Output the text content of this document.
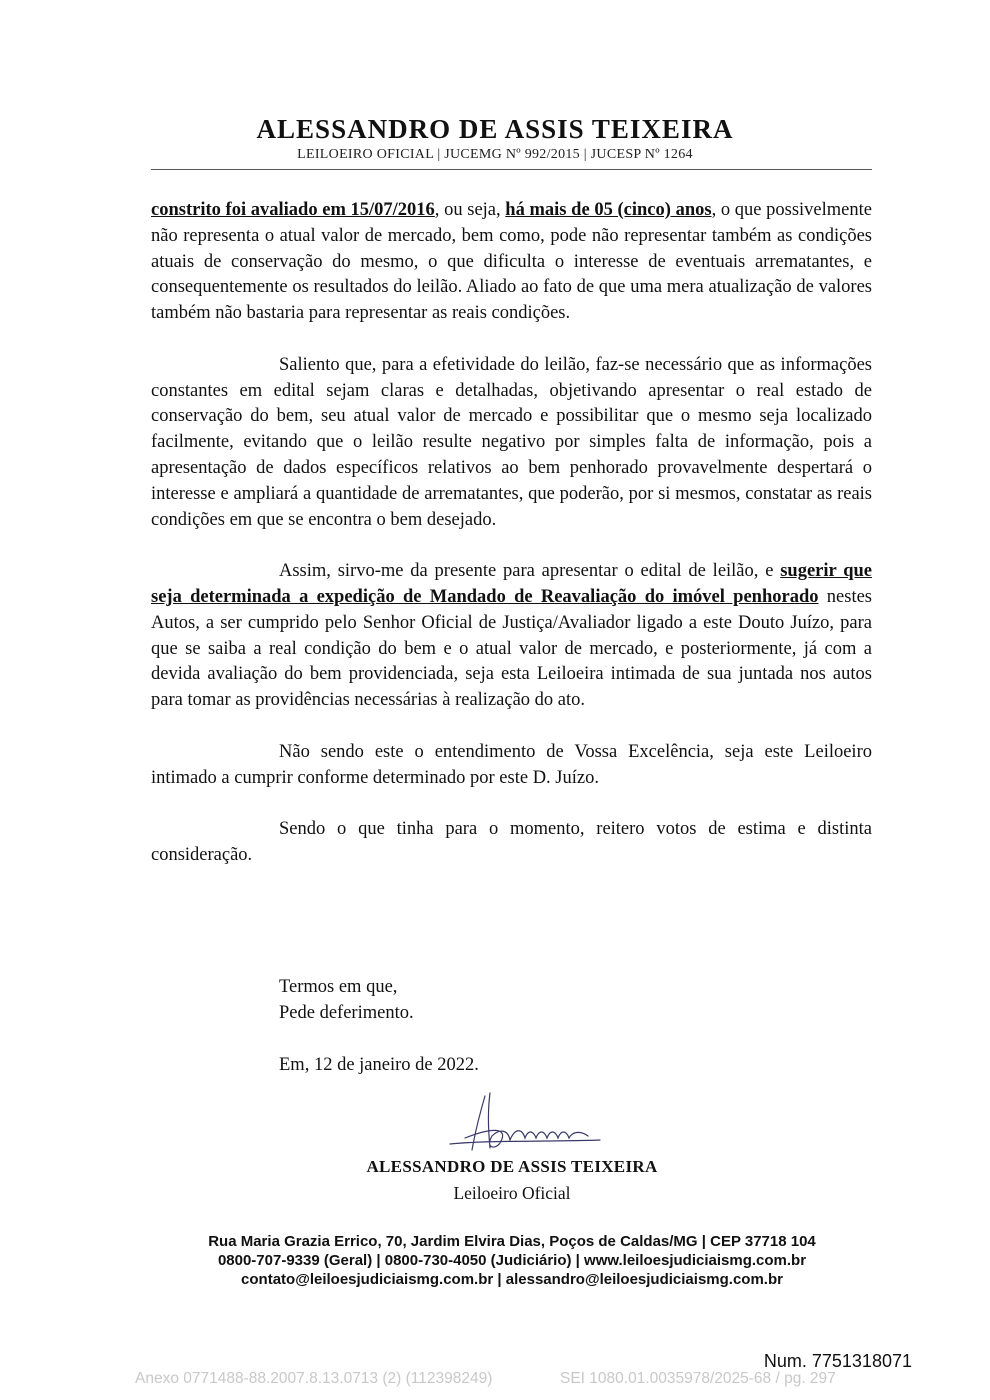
ALESSANDRO DE ASSIS TEIXEIRA
LEILOEIRO OFICIAL | JUCEMG Nº 992/2015 | JUCESP Nº 1264

constrito foi avaliado em 15/07/2016, ou seja, há mais de 05 (cinco) anos, o que possivelmente não representa o atual valor de mercado, bem como, pode não representar também as condições atuais de conservação do mesmo, o que dificulta o interesse de eventuais arrematantes, e consequentemente os resultados do leilão. Aliado ao fato de que uma mera atualização de valores também não bastaria para representar as reais condições.

Saliento que, para a efetividade do leilão, faz-se necessário que as informações constantes em edital sejam claras e detalhadas, objetivando apresentar o real estado de conservação do bem, seu atual valor de mercado e possibilitar que o mesmo seja localizado facilmente, evitando que o leilão resulte negativo por simples falta de informação, pois a apresentação de dados específicos relativos ao bem penhorado provavelmente despertará o interesse e ampliará a quantidade de arrematantes, que poderão, por si mesmos, constatar as reais condições em que se encontra o bem desejado.

Assim, sirvo-me da presente para apresentar o edital de leilão, e sugerir que seja determinada a expedição de Mandado de Reavaliação do imóvel penhorado nestes Autos, a ser cumprido pelo Senhor Oficial de Justiça/Avaliador ligado a este Douto Juízo, para que se saiba a real condição do bem e o atual valor de mercado, e posteriormente, já com a devida avaliação do bem providenciada, seja esta Leiloeira intimada de sua juntada nos autos para tomar as providências necessárias à realização do ato.

Não sendo este o entendimento de Vossa Excelência, seja este Leiloeiro intimado a cumprir conforme determinado por este D. Juízo.

Sendo o que tinha para o momento, reitero votos de estima e distinta consideração.

Termos em que,
Pede deferimento.
Em, 12 de janeiro de 2022.
ALESSANDRO DE ASSIS TEIXEIRA
Leiloeiro Oficial
Rua Maria Grazia Errico, 70, Jardim Elvira Dias, Poços de Caldas/MG | CEP 37718 104
0800-707-9339 (Geral) | 0800-730-4050 (Judiciário) | www.leiloesjudiciaismg.com.br
contato@leiloesjudiciaismg.com.br | alessandro@leiloesjudiciaismg.com.br
Num. 7751318071
Anexo 0771488-88.2007.8.13.0713 (2) (112398249)	SEI 1080.01.0035978/2025-68 / pg. 297
